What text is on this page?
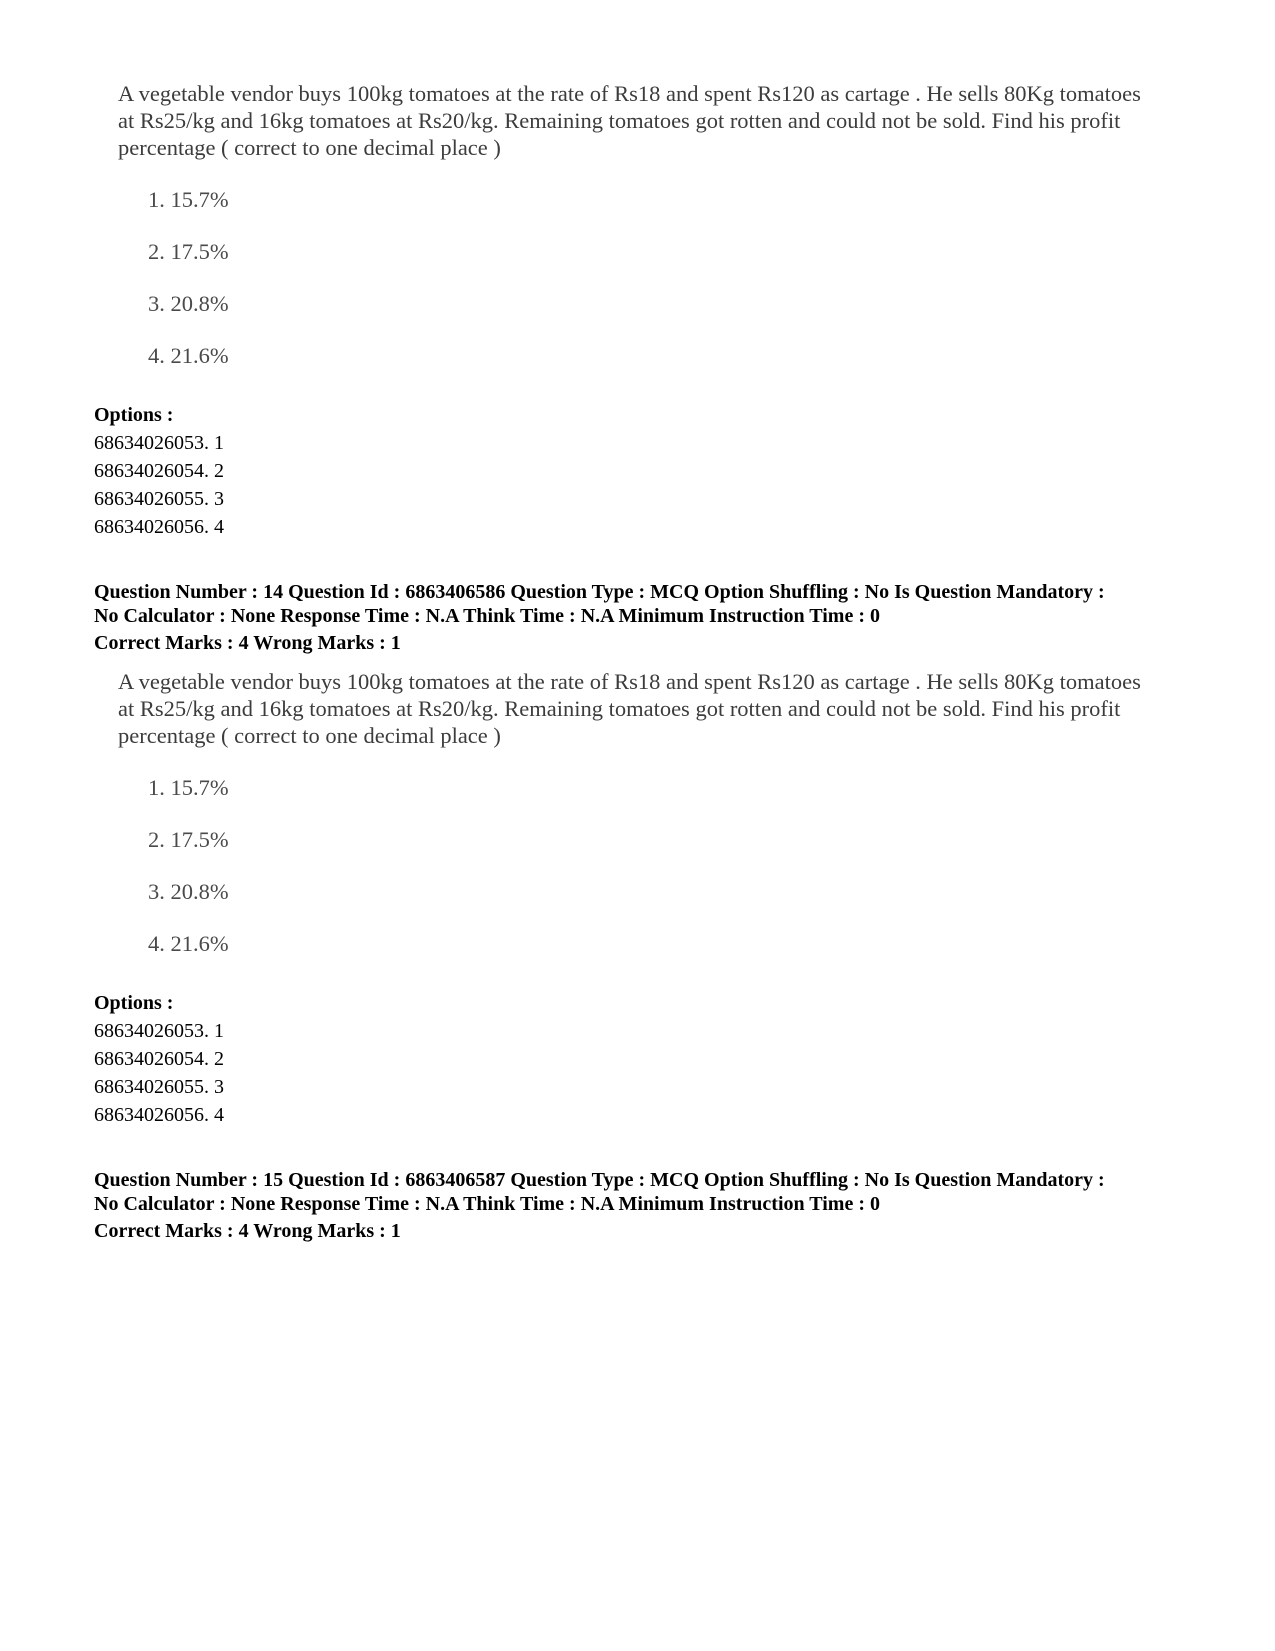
A vegetable vendor buys 100kg tomatoes at the rate of Rs18 and spent Rs120 as cartage . He sells 80Kg tomatoes at Rs25/kg and 16kg tomatoes at Rs20/kg. Remaining tomatoes got rotten and could not be sold. Find his profit percentage ( correct to one decimal place )

1. 15.7%
2. 17.5%
3. 20.8%
4. 21.6%
Options :
68634026053. 1
68634026054. 2
68634026055. 3
68634026056. 4
Question Number : 14 Question Id : 6863406586 Question Type : MCQ Option Shuffling : No Is Question Mandatory :
No Calculator : None Response Time : N.A Think Time : N.A Minimum Instruction Time : 0
Correct Marks : 4 Wrong Marks : 1

A vegetable vendor buys 100kg tomatoes at the rate of Rs18 and spent Rs120 as cartage . He sells 80Kg tomatoes at Rs25/kg and 16kg tomatoes at Rs20/kg. Remaining tomatoes got rotten and could not be sold. Find his profit percentage ( correct to one decimal place )

1. 15.7%
2. 17.5%
3. 20.8%
4. 21.6%
Options :
68634026053. 1
68634026054. 2
68634026055. 3
68634026056. 4
Question Number : 15 Question Id : 6863406587 Question Type : MCQ Option Shuffling : No Is Question Mandatory :
No Calculator : None Response Time : N.A Think Time : N.A Minimum Instruction Time : 0
Correct Marks : 4 Wrong Marks : 1
